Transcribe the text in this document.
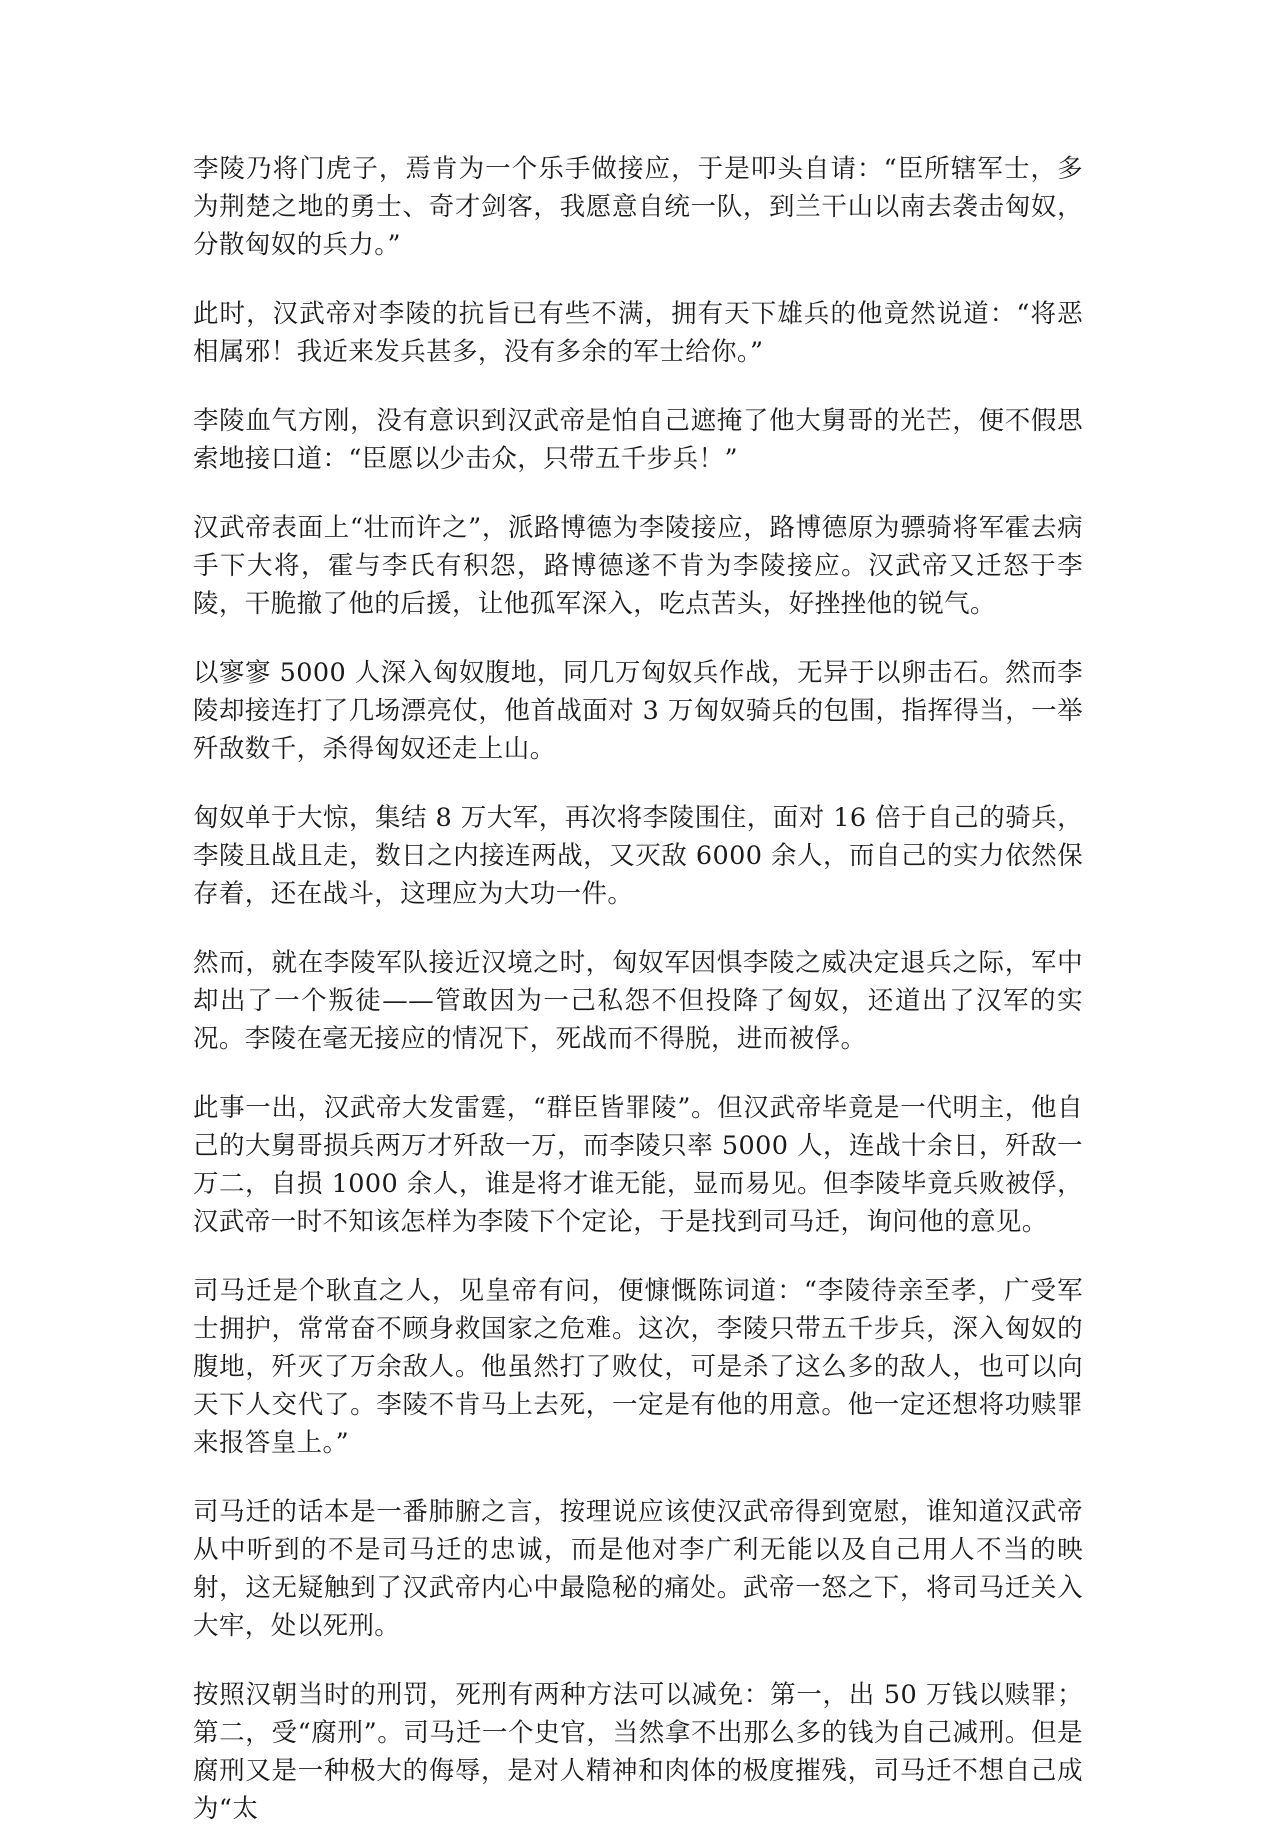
李陵乃将门虎子，焉肯为一个乐手做接应，于是叩头自请：“臣所辖军士，多为荆楚之地的勇士、奇才剑客，我愿意自统一队，到兰干山以南去袭击匈奴，分散匈奴的兵力。”

此时，汉武帝对李陵的抗旨已有些不满，拥有天下雄兵的他竟然说道：“将恶相属邪！我近来发兵甚多，没有多余的军士给你。”

李陵血气方刚，没有意识到汉武帝是怕自己遮掩了他大舅哥的光芒，便不假思索地接口道：“臣愿以少击众，只带五千步兵！”

汉武帝表面上“壮而许之”，派路博德为李陵接应，路博德原为骠骑将军霍去病手下大将，霍与李氏有积怨，路博德遂不肯为李陵接应。汉武帝又迁怒于李陵，干脆撤了他的后援，让他孤军深入，吃点苦头，好挫挫他的锐气。

以寥寥 5000 人深入匈奴腹地，同几万匈奴兵作战，无异于以卵击石。然而李陵却接连打了几场漂亮仗，他首战面对 3 万匈奴骑兵的包围，指挥得当，一举歼敌数千，杀得匈奴还走上山。

匈奴单于大惊，集结 8 万大军，再次将李陵围住，面对 16 倍于自己的骑兵，李陵且战且走，数日之内接连两战，又灭敌 6000 余人，而自己的实力依然保存着，还在战斗，这理应为大功一件。

然而，就在李陵军队接近汉境之时，匈奴军因惧李陵之威决定退兵之际，军中却出了一个叛徒——管敢因为一己私怨不但投降了匈奴，还道出了汉军的实况。李陵在毫无接应的情况下，死战而不得脱，进而被俘。

此事一出，汉武帝大发雷霆，“群臣皆罪陵”。但汉武帝毕竟是一代明主，他自己的大舅哥损兵两万才歼敌一万，而李陵只率 5000 人，连战十余日，歼敌一万二，自损 1000 余人，谁是将才谁无能，显而易见。但李陵毕竟兵败被俘，汉武帝一时不知该怎样为李陵下个定论，于是找到司马迁，询问他的意见。

司马迁是个耿直之人，见皇帝有问，便慷慨陈词道：“李陵待亲至孝，广受军士拥护，常常奋不顾身救国家之危难。这次，李陵只带五千步兵，深入匈奴的腹地，歼灭了万余敌人。他虽然打了败仗，可是杀了这么多的敌人，也可以向天下人交代了。李陵不肯马上去死，一定是有他的用意。他一定还想将功赎罪来报答皇上。”

司马迁的话本是一番肺腑之言，按理说应该使汉武帝得到宽慰，谁知道汉武帝从中听到的不是司马迁的忠诚，而是他对李广利无能以及自己用人不当的映射，这无疑触到了汉武帝内心中最隐秘的痛处。武帝一怒之下，将司马迁关入大牢，处以死刑。

按照汉朝当时的刑罚，死刑有两种方法可以减免：第一，出 50 万钱以赎罪；第二，受“腐刑”。司马迁一个史官，当然拿不出那么多的钱为自己减刑。但是腐刑又是一种极大的侮辱，是对人精神和肉体的极度摧残，司马迁不想自己成为“太
